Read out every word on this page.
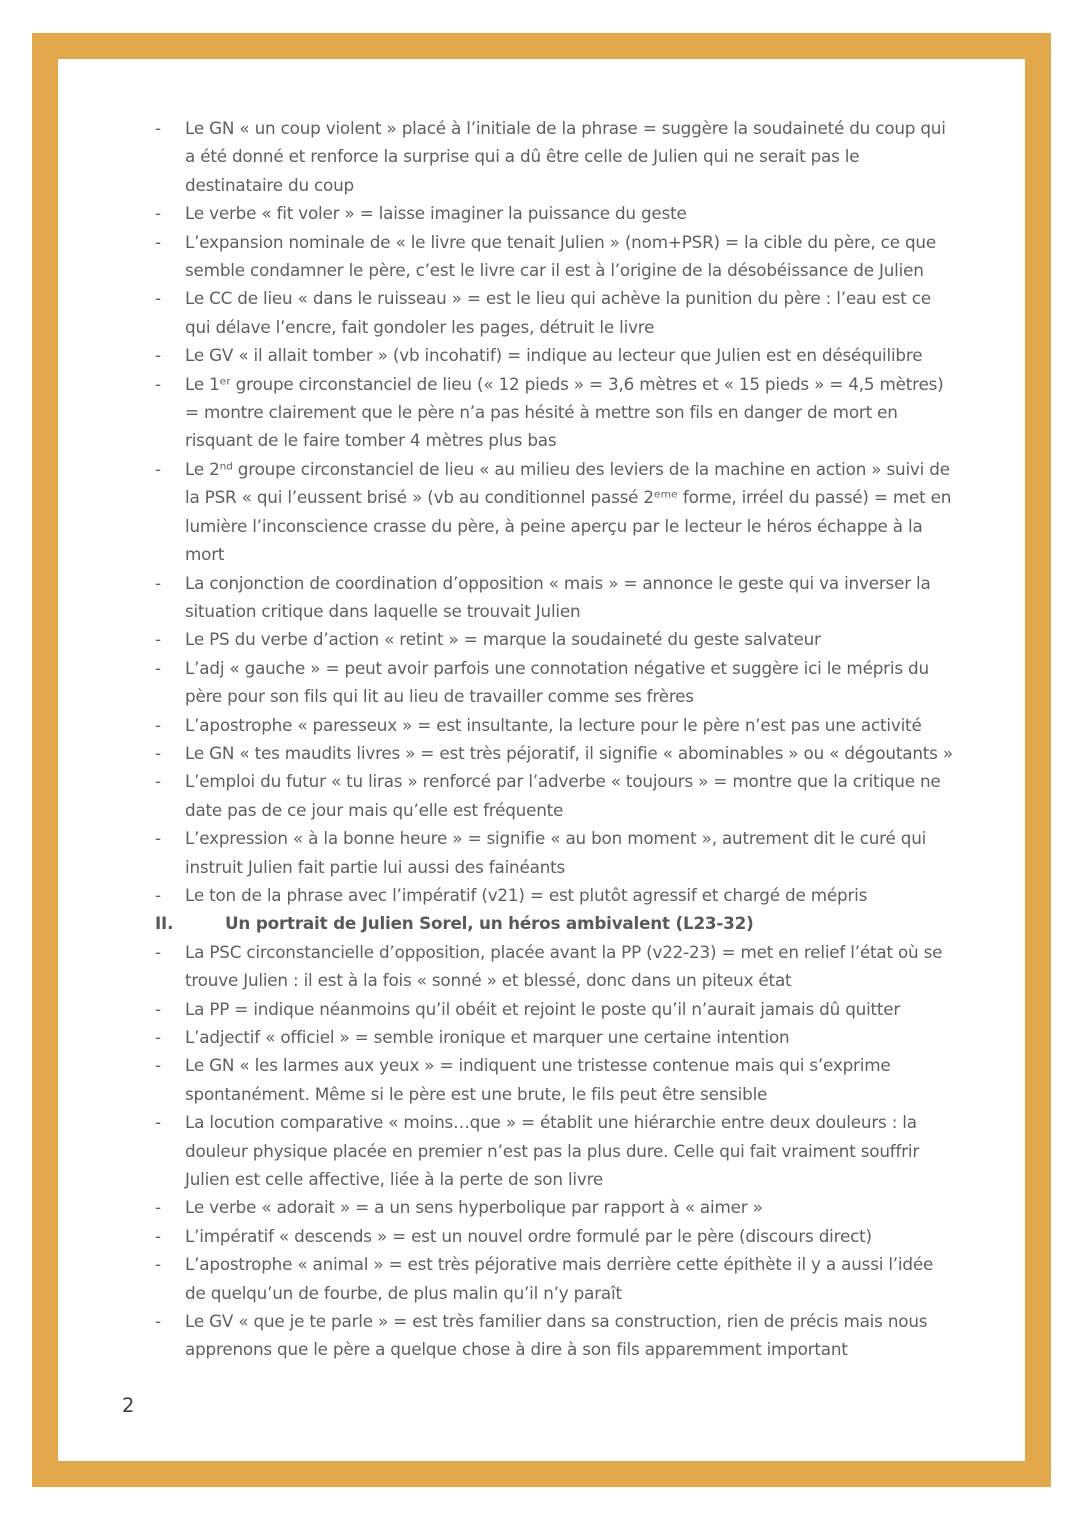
-	Le GN « un coup violent » placé à l’initiale de la phrase = suggère la soudaineté du coup qui a été donné et renforce la surprise qui a dû être celle de Julien qui ne serait pas le destinataire du coup
-	Le verbe « fit voler » = laisse imaginer la puissance du geste
-	L’expansion nominale de « le livre que tenait Julien » (nom+PSR) = la cible du père, ce que semble condamner le père, c’est le livre car il est à l’origine de la désobéissance de Julien
-	Le CC de lieu « dans le ruisseau » = est le lieu qui achève la punition du père : l’eau est ce qui délave l’encre, fait gondoler les pages, détruit le livre
-	Le GV « il allait tomber » (vb incohatif) = indique au lecteur que Julien est en déséquilibre
-	Le 1ᵉʳ groupe circonstanciel de lieu (« 12 pieds » = 3,6 mètres et « 15 pieds » = 4,5 mètres) = montre clairement que le père n’a pas hésité à mettre son fils en danger de mort en risquant de le faire tomber 4 mètres plus bas
-	Le 2ⁿᵈ groupe circonstanciel de lieu « au milieu des leviers de la machine en action » suivi de la PSR « qui l’eussent brisé » (vb au conditionnel passé 2ᵉᵐᵉ forme, irréel du passé) = met en lumière l’inconscience crasse du père, à peine aperçu par le lecteur le héros échappe à la mort
-	La conjonction de coordination d’opposition « mais » = annonce le geste qui va inverser la situation critique dans laquelle se trouvait Julien
-	Le PS du verbe d’action « retint » = marque la soudaineté du geste salvateur
-	L’adj « gauche » = peut avoir parfois une connotation négative et suggère ici le mépris du père pour son fils qui lit au lieu de travailler comme ses frères
-	L’apostrophe « paresseux » = est insultante, la lecture pour le père n’est pas une activité
-	Le GN « tes maudits livres » = est très péjoratif, il signifie « abominables » ou « dégoutants »
-	L’emploi du futur « tu liras » renforcé par l’adverbe « toujours » = montre que la critique ne date pas de ce jour mais qu’elle est fréquente
-	L’expression « à la bonne heure » = signifie « au bon moment », autrement dit le curé qui instruit Julien fait partie lui aussi des fainéants
-	Le ton de la phrase avec l’impératif (v21) = est plutôt agressif et chargé de mépris
II.	Un portrait de Julien Sorel, un héros ambivalent (L23-32)
-	La PSC circonstancielle d’opposition, placée avant la PP (v22-23) = met en relief l’état où se trouve Julien : il est à la fois « sonné » et blessé, donc dans un piteux état
-	La PP = indique néanmoins qu’il obéit et rejoint le poste qu’il n’aurait jamais dû quitter
-	L’adjectif « officiel » = semble ironique et marquer une certaine intention
-	Le GN « les larmes aux yeux » = indiquent une tristesse contenue mais qui s’exprime spontanément. Même si le père est une brute, le fils peut être sensible
-	La locution comparative « moins…que » = établit une hiérarchie entre deux douleurs : la douleur physique placée en premier n’est pas la plus dure. Celle qui fait vraiment souffrir Julien est celle affective, liée à la perte de son livre
-	Le verbe « adorait » = a un sens hyperbolique par rapport à « aimer »
-	L’impératif « descends » = est un nouvel ordre formulé par le père (discours direct)
-	L’apostrophe « animal » = est très péjorative mais derrière cette épithète il y a aussi l’idée de quelqu’un de fourbe, de plus malin qu’il n’y paraît
-	Le GV « que je te parle » = est très familier dans sa construction, rien de précis mais nous apprenons que le père a quelque chose à dire à son fils apparemment important
2
